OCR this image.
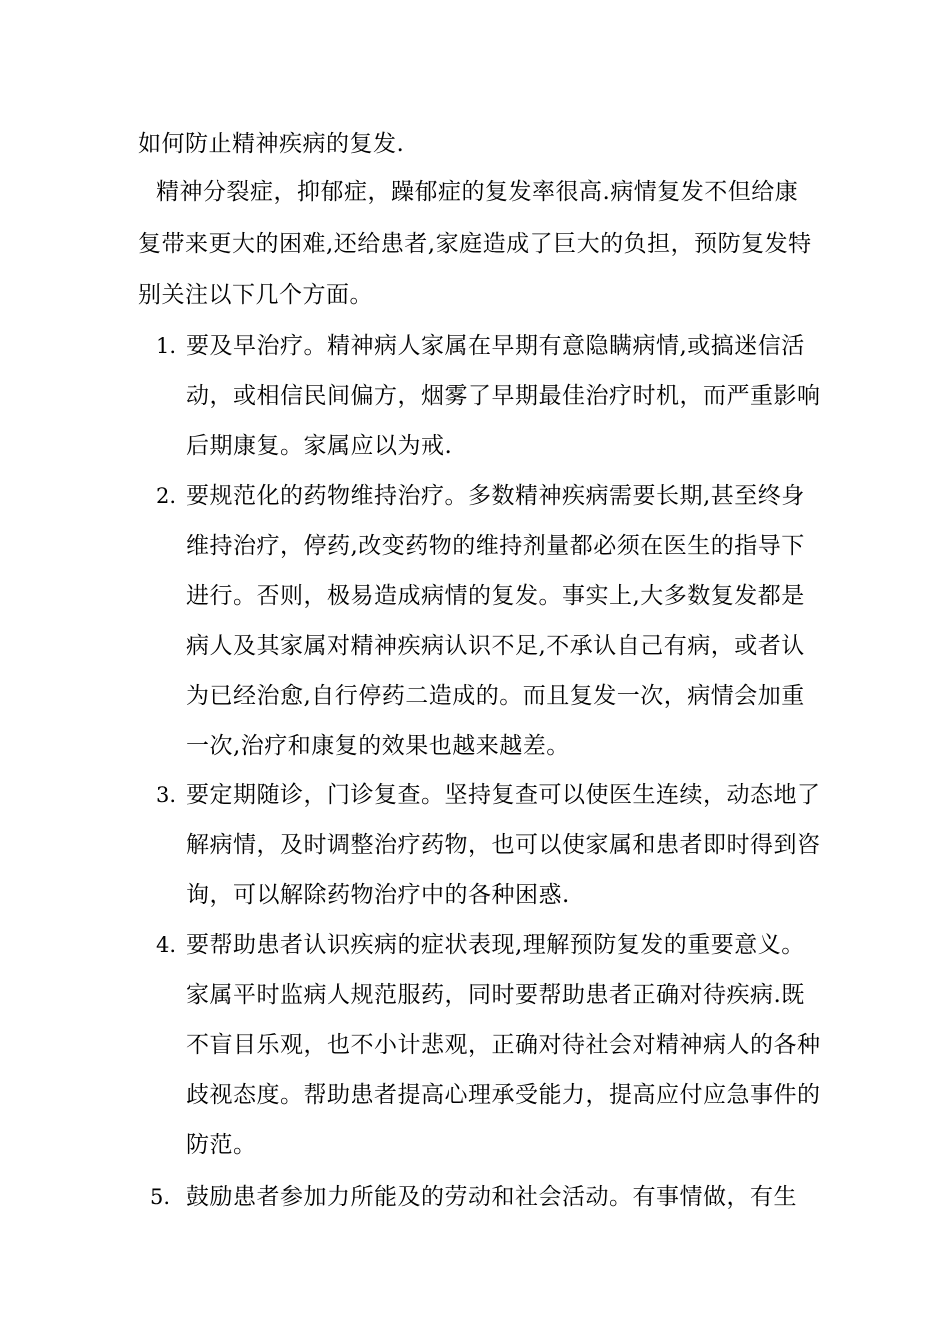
如何防止精神疾病的复发.
精神分裂症，抑郁症，躁郁症的复发率很高.病情复发不但给康
复带来更大的困难,还给患者,家庭造成了巨大的负担，预防复发特
别关注以下几个方面。
1. 要及早治疗。精神病人家属在早期有意隐瞒病情,或搞迷信活
动，或相信民间偏方，烟雾了早期最佳治疗时机，而严重影响
后期康复。家属应以为戒.
2. 要规范化的药物维持治疗。多数精神疾病需要长期,甚至终身
维持治疗，停药,改变药物的维持剂量都必须在医生的指导下
进行。否则，极易造成病情的复发。事实上,大多数复发都是
病人及其家属对精神疾病认识不足,不承认自己有病，或者认
为已经治愈,自行停药二造成的。而且复发一次，病情会加重
一次,治疗和康复的效果也越来越差。
3. 要定期随诊，门诊复查。坚持复查可以使医生连续，动态地了
解病情，及时调整治疗药物，也可以使家属和患者即时得到咨
询，可以解除药物治疗中的各种困惑.
4. 要帮助患者认识疾病的症状表现,理解预防复发的重要意义。
家属平时监病人规范服药，同时要帮助患者正确对待疾病.既
不盲目乐观，也不小计悲观，正确对待社会对精神病人的各种
歧视态度。帮助患者提高心理承受能力，提高应付应急事件的
防范。
5. 鼓励患者参加力所能及的劳动和社会活动。有事情做，有生
